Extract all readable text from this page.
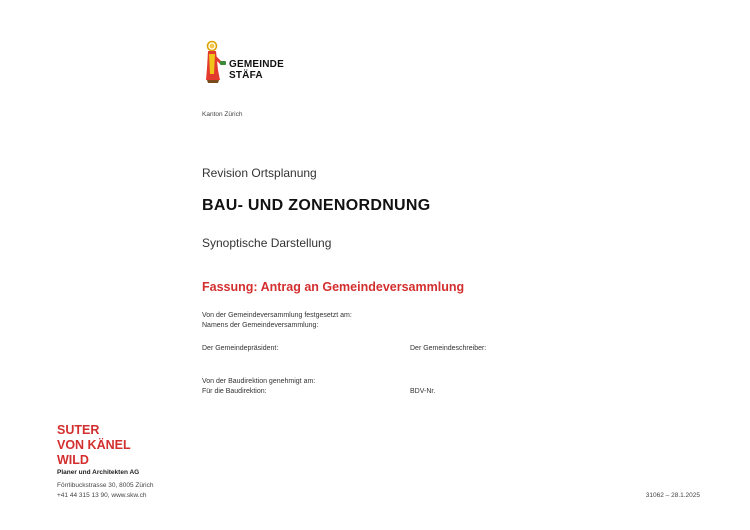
GEMEINDE
STÄFA
Kanton Zürich
Revision Ortsplanung
BAU- UND ZONENORDNUNG
Synoptische Darstellung
Fassung: Antrag an Gemeindeversammlung
Von der Gemeindeversammlung festgesetzt am:
Namens der Gemeindeversammlung:
Der Gemeindepräsident:	Der Gemeindeschreiber:
Von der Baudirektion genehmigt am:
Für die Baudirektion:	BDV-Nr.
SUTER
VON KÄNEL
WILD
Planer und Architekten AG
Förrlibuckstrasse 30, 8005 Zürich
+41 44 315 13 90, www.skw.ch	31062 – 28.1.2025
